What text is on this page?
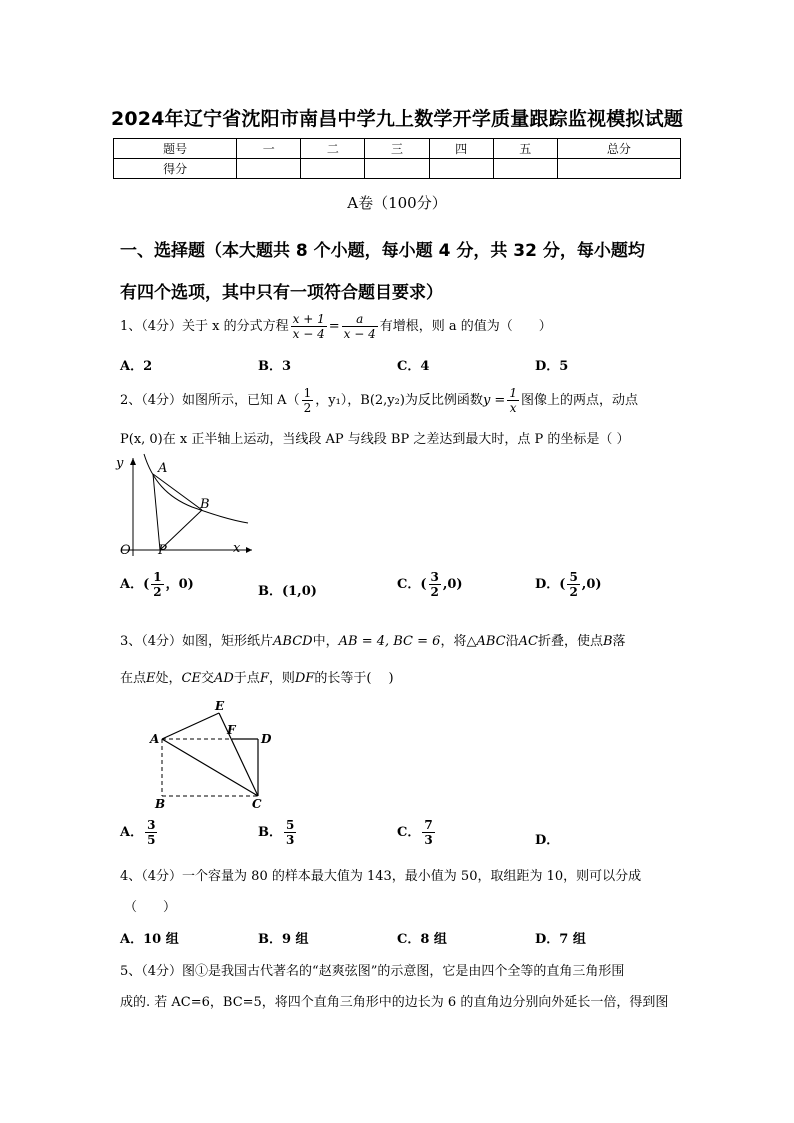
2024年辽宁省沈阳市南昌中学九上数学开学质量跟踪监视模拟试题
题号	一	二	三	四	五	总分
得分						
A卷（100分）
一、选择题（本大题共 8 个小题，每小题 4 分，共 32 分，每小题均
有四个选项，其中只有一项符合题目要求）
1、（4分）关于 x 的分式方程 $\frac{x + 1}{x - 4} = \frac{a}{x - 4}$ 有增根，则 a 的值为（　　）
A．2	B．3	C．4	D．5
2、（4分）如图所示，已知 $A( \frac{1}{2}$ ，y₁），B(2,y₂)为反比例函数$y = \frac{1}{x}$ 图像上的两点，动点
P(x, 0)在 x 正半轴上运动，当线段 AP 与线段 BP 之差达到最大时，点 P 的坐标是（ ）
y
x
O
A
B
P
A．( $\frac{1}{2}$ ，0)	B．(1,0)	C．( $\frac{3}{2} ,0$)	D．( $\frac{5}{2} ,0$)
3、（4分）如图，矩形纸片ABCD中，AB = 4, BC = 6，将△ABC沿AC折叠，使点B落
在点E处，CE交AD于点F，则DF的长等于(　 )
A
B	C
D
E
F
A． $\frac{3}{5}$	B． $\frac{5}{3}$	C． $\frac{7}{3}$	D．
4、（4分）一个容量为 80 的样本最大值为 143，最小值为 50，取组距为 10，则可以分成
（　　）
A．10 组	B．9 组	C．8 组	D．7 组
5、（4分）图①是我国古代著名的“赵爽弦图”的示意图，它是由四个全等的直角三角形围
成的. 若 AC=6，BC=5，将四个直角三角形中的边长为 6 的直角边分别向外延长一倍，得到图
